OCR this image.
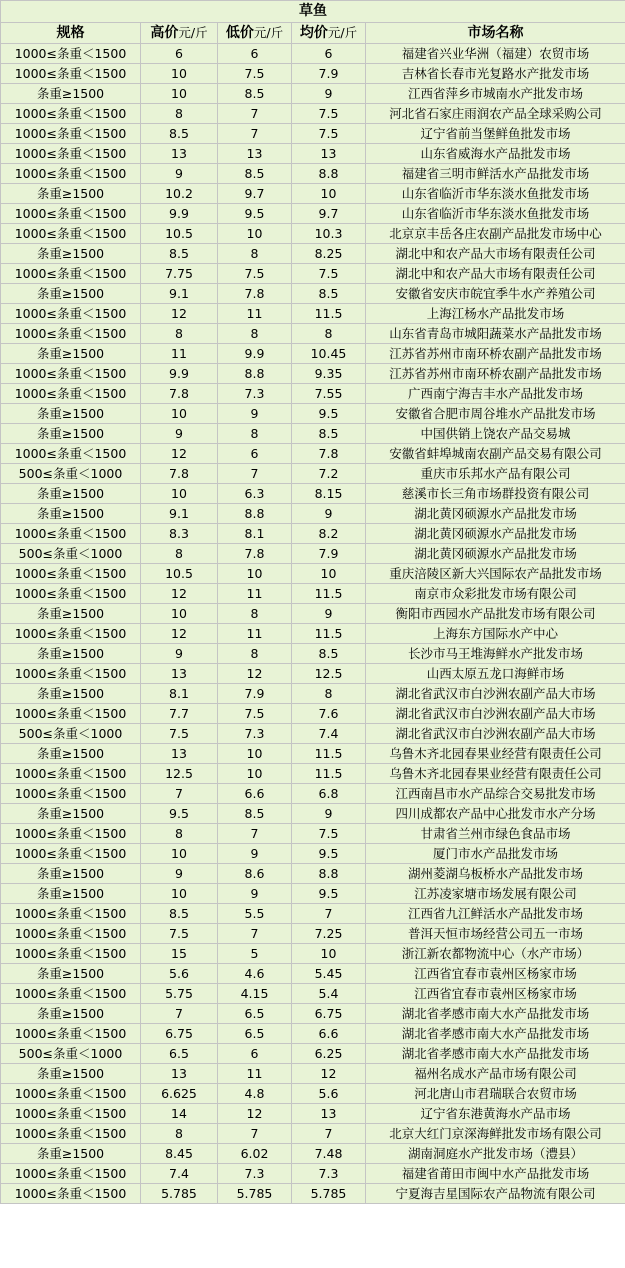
草鱼				
规格	高价元/斤	低价元/斤	均价元/斤	市场名称
1000≤条重＜1500	6	6	6	福建省兴业华洲（福建）农贸市场
1000≤条重＜1500	10	7.5	7.9	吉林省长春市光复路水产批发市场
条重≥1500	10	8.5	9	江西省萍乡市城南水产批发市场
1000≤条重＜1500	8	7	7.5	河北省石家庄雨润农产品全球采购公司
1000≤条重＜1500	8.5	7	7.5	辽宁省前当堡鲜鱼批发市场
1000≤条重＜1500	13	13	13	山东省威海水产品批发市场
1000≤条重＜1500	9	8.5	8.8	福建省三明市鲜活水产品批发市场
条重≥1500	10.2	9.7	10	山东省临沂市华东淡水鱼批发市场
1000≤条重＜1500	9.9	9.5	9.7	山东省临沂市华东淡水鱼批发市场
1000≤条重＜1500	10.5	10	10.3	北京京丰岳各庄农副产品批发市场中心
条重≥1500	8.5	8	8.25	湖北中和农产品大市场有限责任公司
1000≤条重＜1500	7.75	7.5	7.5	湖北中和农产品大市场有限责任公司
条重≥1500	9.1	7.8	8.5	安徽省安庆市皖宜季牛水产养殖公司
1000≤条重＜1500	12	11	11.5	上海江杨水产品批发市场
1000≤条重＜1500	8	8	8	山东省青岛市城阳蔬菜水产品批发市场
条重≥1500	11	9.9	10.45	江苏省苏州市南环桥农副产品批发市场
1000≤条重＜1500	9.9	8.8	9.35	江苏省苏州市南环桥农副产品批发市场
1000≤条重＜1500	7.8	7.3	7.55	广西南宁海吉丰水产品批发市场
条重≥1500	10	9	9.5	安徽省合肥市周谷堆水产品批发市场
条重≥1500	9	8	8.5	中国供销上饶农产品交易城
1000≤条重＜1500	12	6	7.8	安徽省蚌埠城南农副产品交易有限公司
500≤条重＜1000	7.8	7	7.2	重庆市乐邦水产品有限公司
条重≥1500	10	6.3	8.15	慈溪市长三角市场群投资有限公司
条重≥1500	9.1	8.8	9	湖北黄冈硕源水产品批发市场
1000≤条重＜1500	8.3	8.1	8.2	湖北黄冈硕源水产品批发市场
500≤条重＜1000	8	7.8	7.9	湖北黄冈硕源水产品批发市场
1000≤条重＜1500	10.5	10	10	重庆涪陵区新大兴国际农产品批发市场
1000≤条重＜1500	12	11	11.5	南京市众彩批发市场有限公司
条重≥1500	10	8	9	衡阳市西园水产品批发市场有限公司
1000≤条重＜1500	12	11	11.5	上海东方国际水产中心
条重≥1500	9	8	8.5	长沙市马王堆海鲜水产批发市场
1000≤条重＜1500	13	12	12.5	山西太原五龙口海鲜市场
条重≥1500	8.1	7.9	8	湖北省武汉市白沙洲农副产品大市场
1000≤条重＜1500	7.7	7.5	7.6	湖北省武汉市白沙洲农副产品大市场
500≤条重＜1000	7.5	7.3	7.4	湖北省武汉市白沙洲农副产品大市场
条重≥1500	13	10	11.5	乌鲁木齐北园春果业经营有限责任公司
1000≤条重＜1500	12.5	10	11.5	乌鲁木齐北园春果业经营有限责任公司
1000≤条重＜1500	7	6.6	6.8	江西南昌市水产品综合交易批发市场
条重≥1500	9.5	8.5	9	四川成都农产品中心批发市水产分场
1000≤条重＜1500	8	7	7.5	甘肃省兰州市绿色食品市场
1000≤条重＜1500	10	9	9.5	厦门市水产品批发市场
条重≥1500	9	8.6	8.8	湖州菱湖乌板桥水产品批发市场
条重≥1500	10	9	9.5	江苏凌家塘市场发展有限公司
1000≤条重＜1500	8.5	5.5	7	江西省九江鲜活水产品批发市场
1000≤条重＜1500	7.5	7	7.25	普洱天恒市场经营公司五一市场
1000≤条重＜1500	15	5	10	浙江新农都物流中心（水产市场）
条重≥1500	5.6	4.6	5.45	江西省宜春市袁州区杨家市场
1000≤条重＜1500	5.75	4.15	5.4	江西省宜春市袁州区杨家市场
条重≥1500	7	6.5	6.75	湖北省孝感市南大水产品批发市场
1000≤条重＜1500	6.75	6.5	6.6	湖北省孝感市南大水产品批发市场
500≤条重＜1000	6.5	6	6.25	湖北省孝感市南大水产品批发市场
条重≥1500	13	11	12	福州名成水产品市场有限公司
1000≤条重＜1500	6.625	4.8	5.6	河北唐山市君瑞联合农贸市场
1000≤条重＜1500	14	12	13	辽宁省东港黄海水产品市场
1000≤条重＜1500	8	7	7	北京大红门京深海鲜批发市场有限公司
条重≥1500	8.45	6.02	7.48	湖南洞庭水产批发市场（澧县）
1000≤条重＜1500	7.4	7.3	7.3	福建省莆田市闽中水产品批发市场
1000≤条重＜1500	5.785	5.785	5.785	宁夏海吉星国际农产品物流有限公司
